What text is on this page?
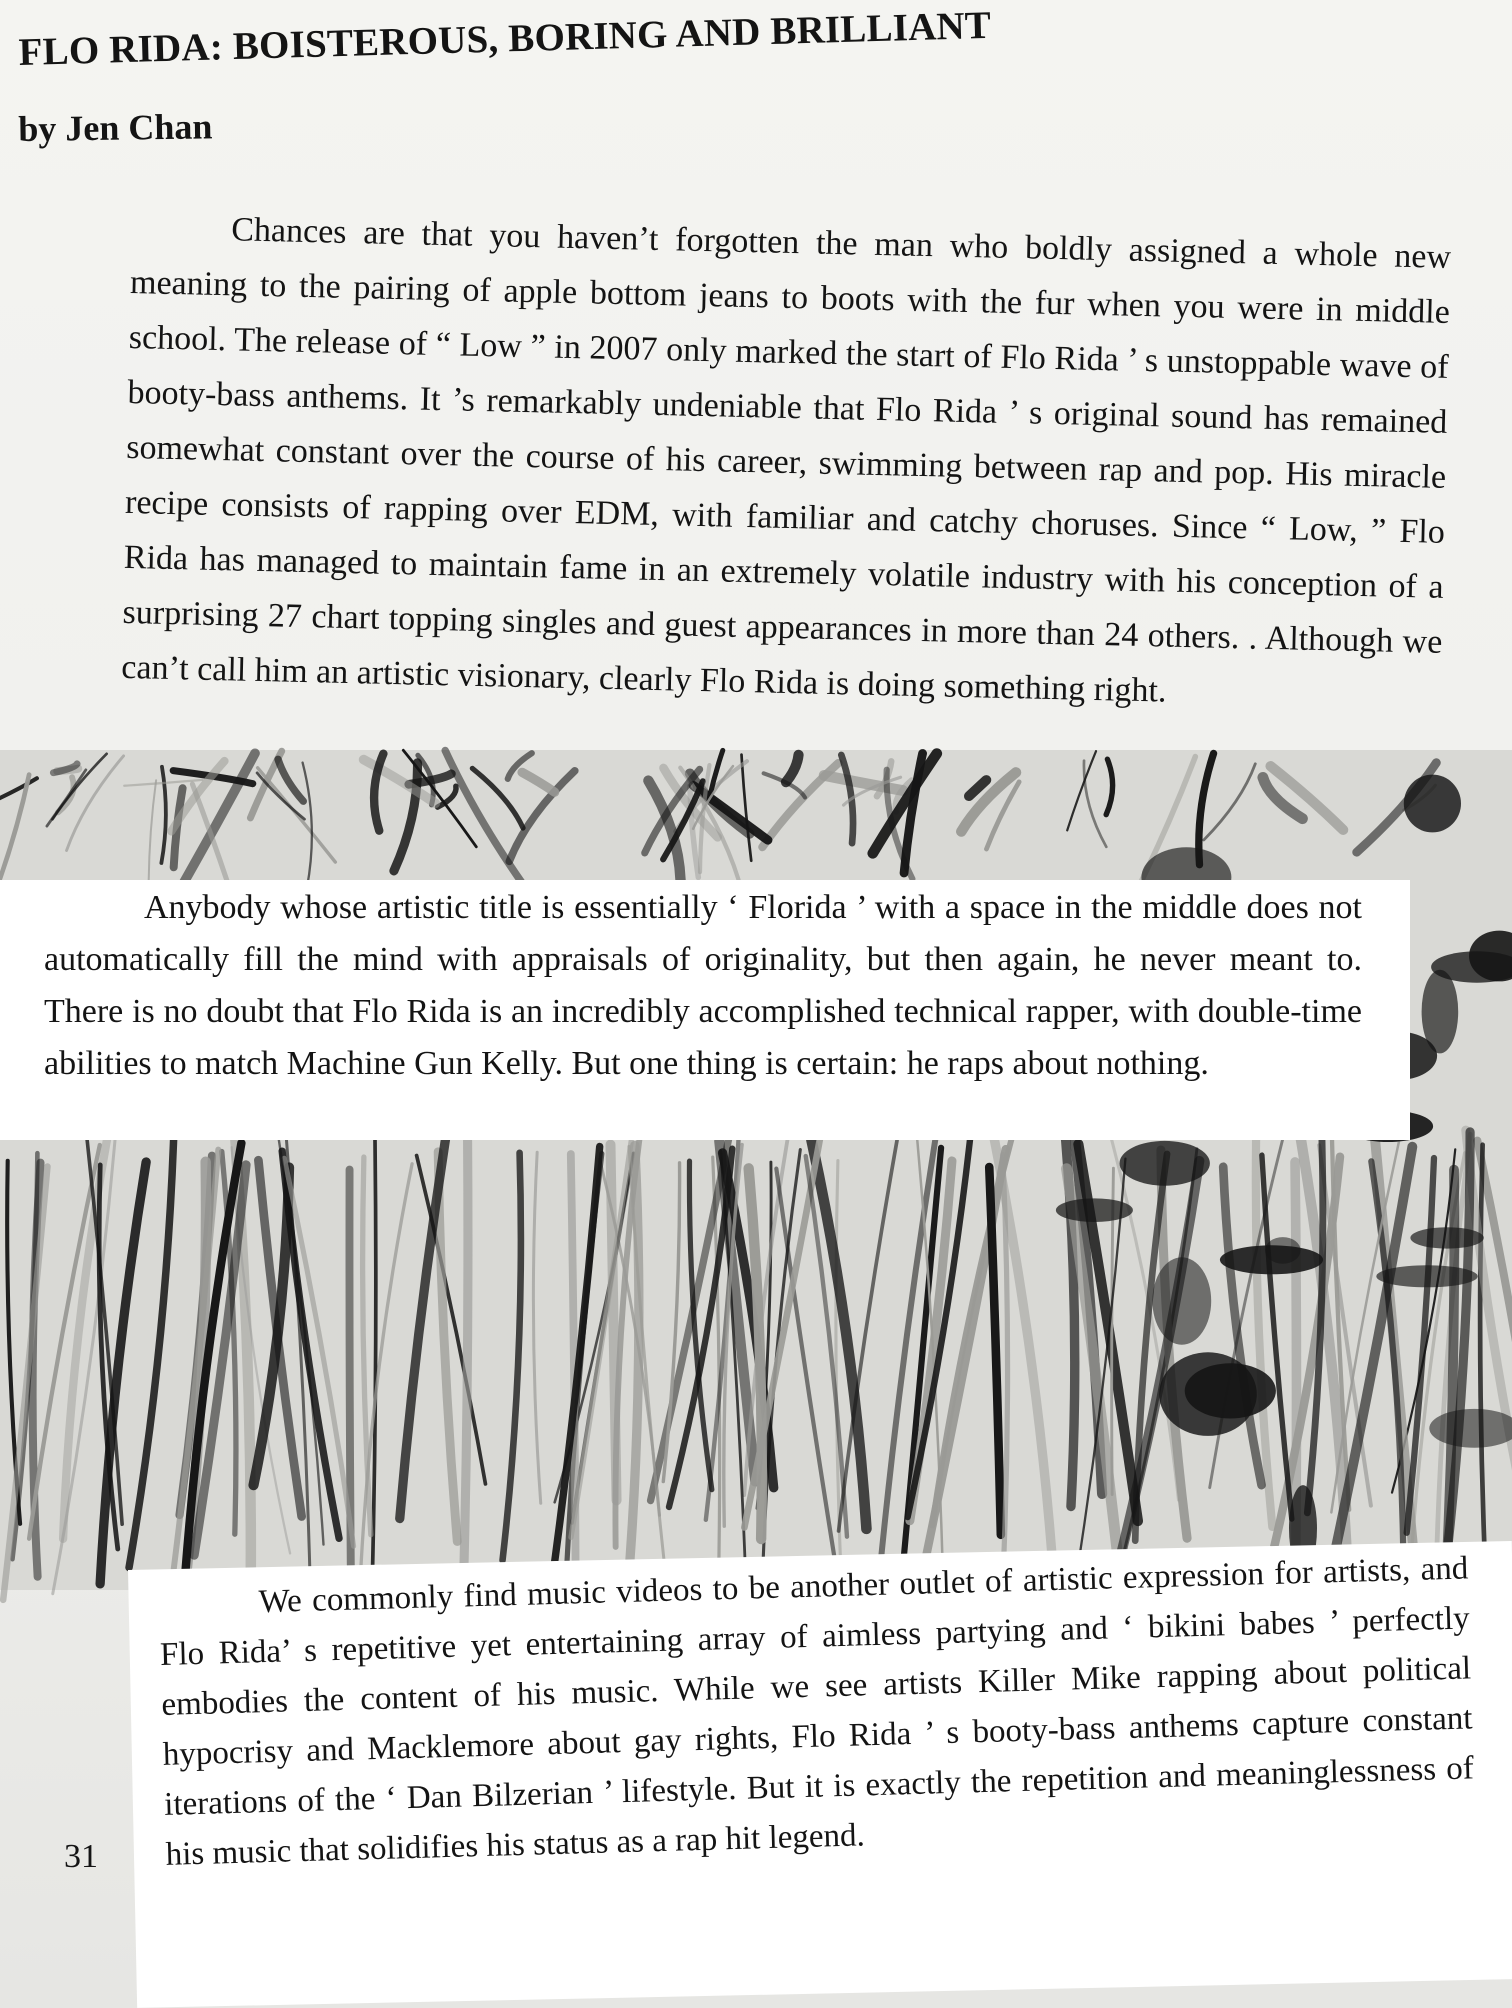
FLO RIDA: BOISTEROUS, BORING AND BRILLIANT
by Jen Chan
Chances are that you haven’t forgotten the man who boldly assigned a whole new meaning to the pairing of apple bottom jeans to boots with the fur when you were in middle school. The release of “ Low ” in 2007 only marked the start of Flo Rida ’ s unstoppable wave of booty-bass anthems. It ’s remarkably undeniable that Flo Rida ’ s original sound has remained somewhat constant over the course of his career, swimming between rap and pop. His miracle recipe consists of rapping over EDM, with familiar and catchy choruses. Since “ Low, ” Flo Rida has managed to maintain fame in an extremely volatile industry with his conception of a surprising 27 chart topping singles and guest appearances in more than 24 others. . Although we can’t call him an artistic visionary, clearly Flo Rida is doing something right.
Anybody whose artistic title is essentially ‘ Florida ’ with a space in the middle does not automatically fill the mind with appraisals of originality, but then again, he never meant to. There is no doubt that Flo Rida is an incredibly accomplished technical rapper, with double-time abilities to match Machine Gun Kelly. But one thing is certain: he raps about nothing.
We commonly find music videos to be another outlet of artistic expression for artists, and Flo Rida’ s repetitive yet entertaining array of aimless partying and ‘ bikini babes ’ perfectly embodies the content of his music. While we see artists Killer Mike rapping about political hypocrisy and Macklemore about gay rights, Flo Rida ’ s booty-bass anthems capture constant iterations of the ‘ Dan Bilzerian ’ lifestyle. But it is exactly the repetition and meaninglessness of his music that solidifies his status as a rap hit legend.
31
